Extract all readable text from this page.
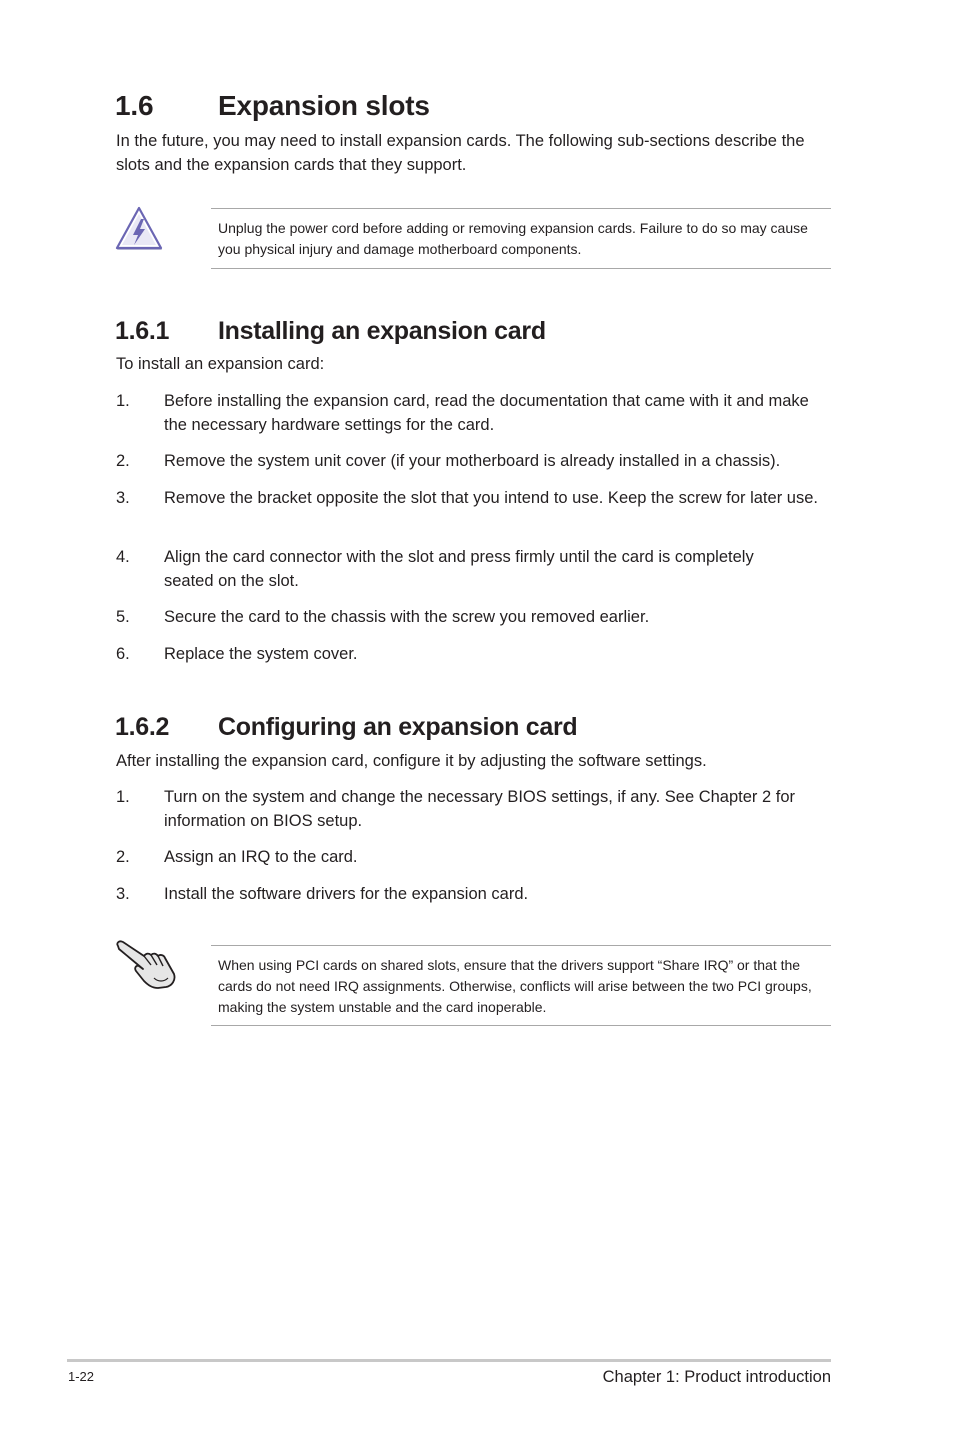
1.6 Expansion slots
In the future, you may need to install expansion cards. The following sub-sections describe the slots and the expansion cards that they support.
Unplug the power cord before adding or removing expansion cards. Failure to do so may cause you physical injury and damage motherboard components.
1.6.1 Installing an expansion card
To install an expansion card:
1. Before installing the expansion card, read the documentation that came with it and make the necessary hardware settings for the card.
2. Remove the system unit cover (if your motherboard is already installed in a chassis).
3. Remove the bracket opposite the slot that you intend to use. Keep the screw for later use.
4. Align the card connector with the slot and press firmly until the card is completely seated on the slot.
5. Secure the card to the chassis with the screw you removed earlier.
6. Replace the system cover.
1.6.2 Configuring an expansion card
After installing the expansion card, configure it by adjusting the software settings.
1. Turn on the system and change the necessary BIOS settings, if any. See Chapter 2 for information on BIOS setup.
2. Assign an IRQ to the card.
3. Install the software drivers for the expansion card.
When using PCI cards on shared slots, ensure that the drivers support “Share IRQ” or that the cards do not need IRQ assignments. Otherwise, conflicts will arise between the two PCI groups, making the system unstable and the card inoperable.
1-22	Chapter 1: Product introduction
